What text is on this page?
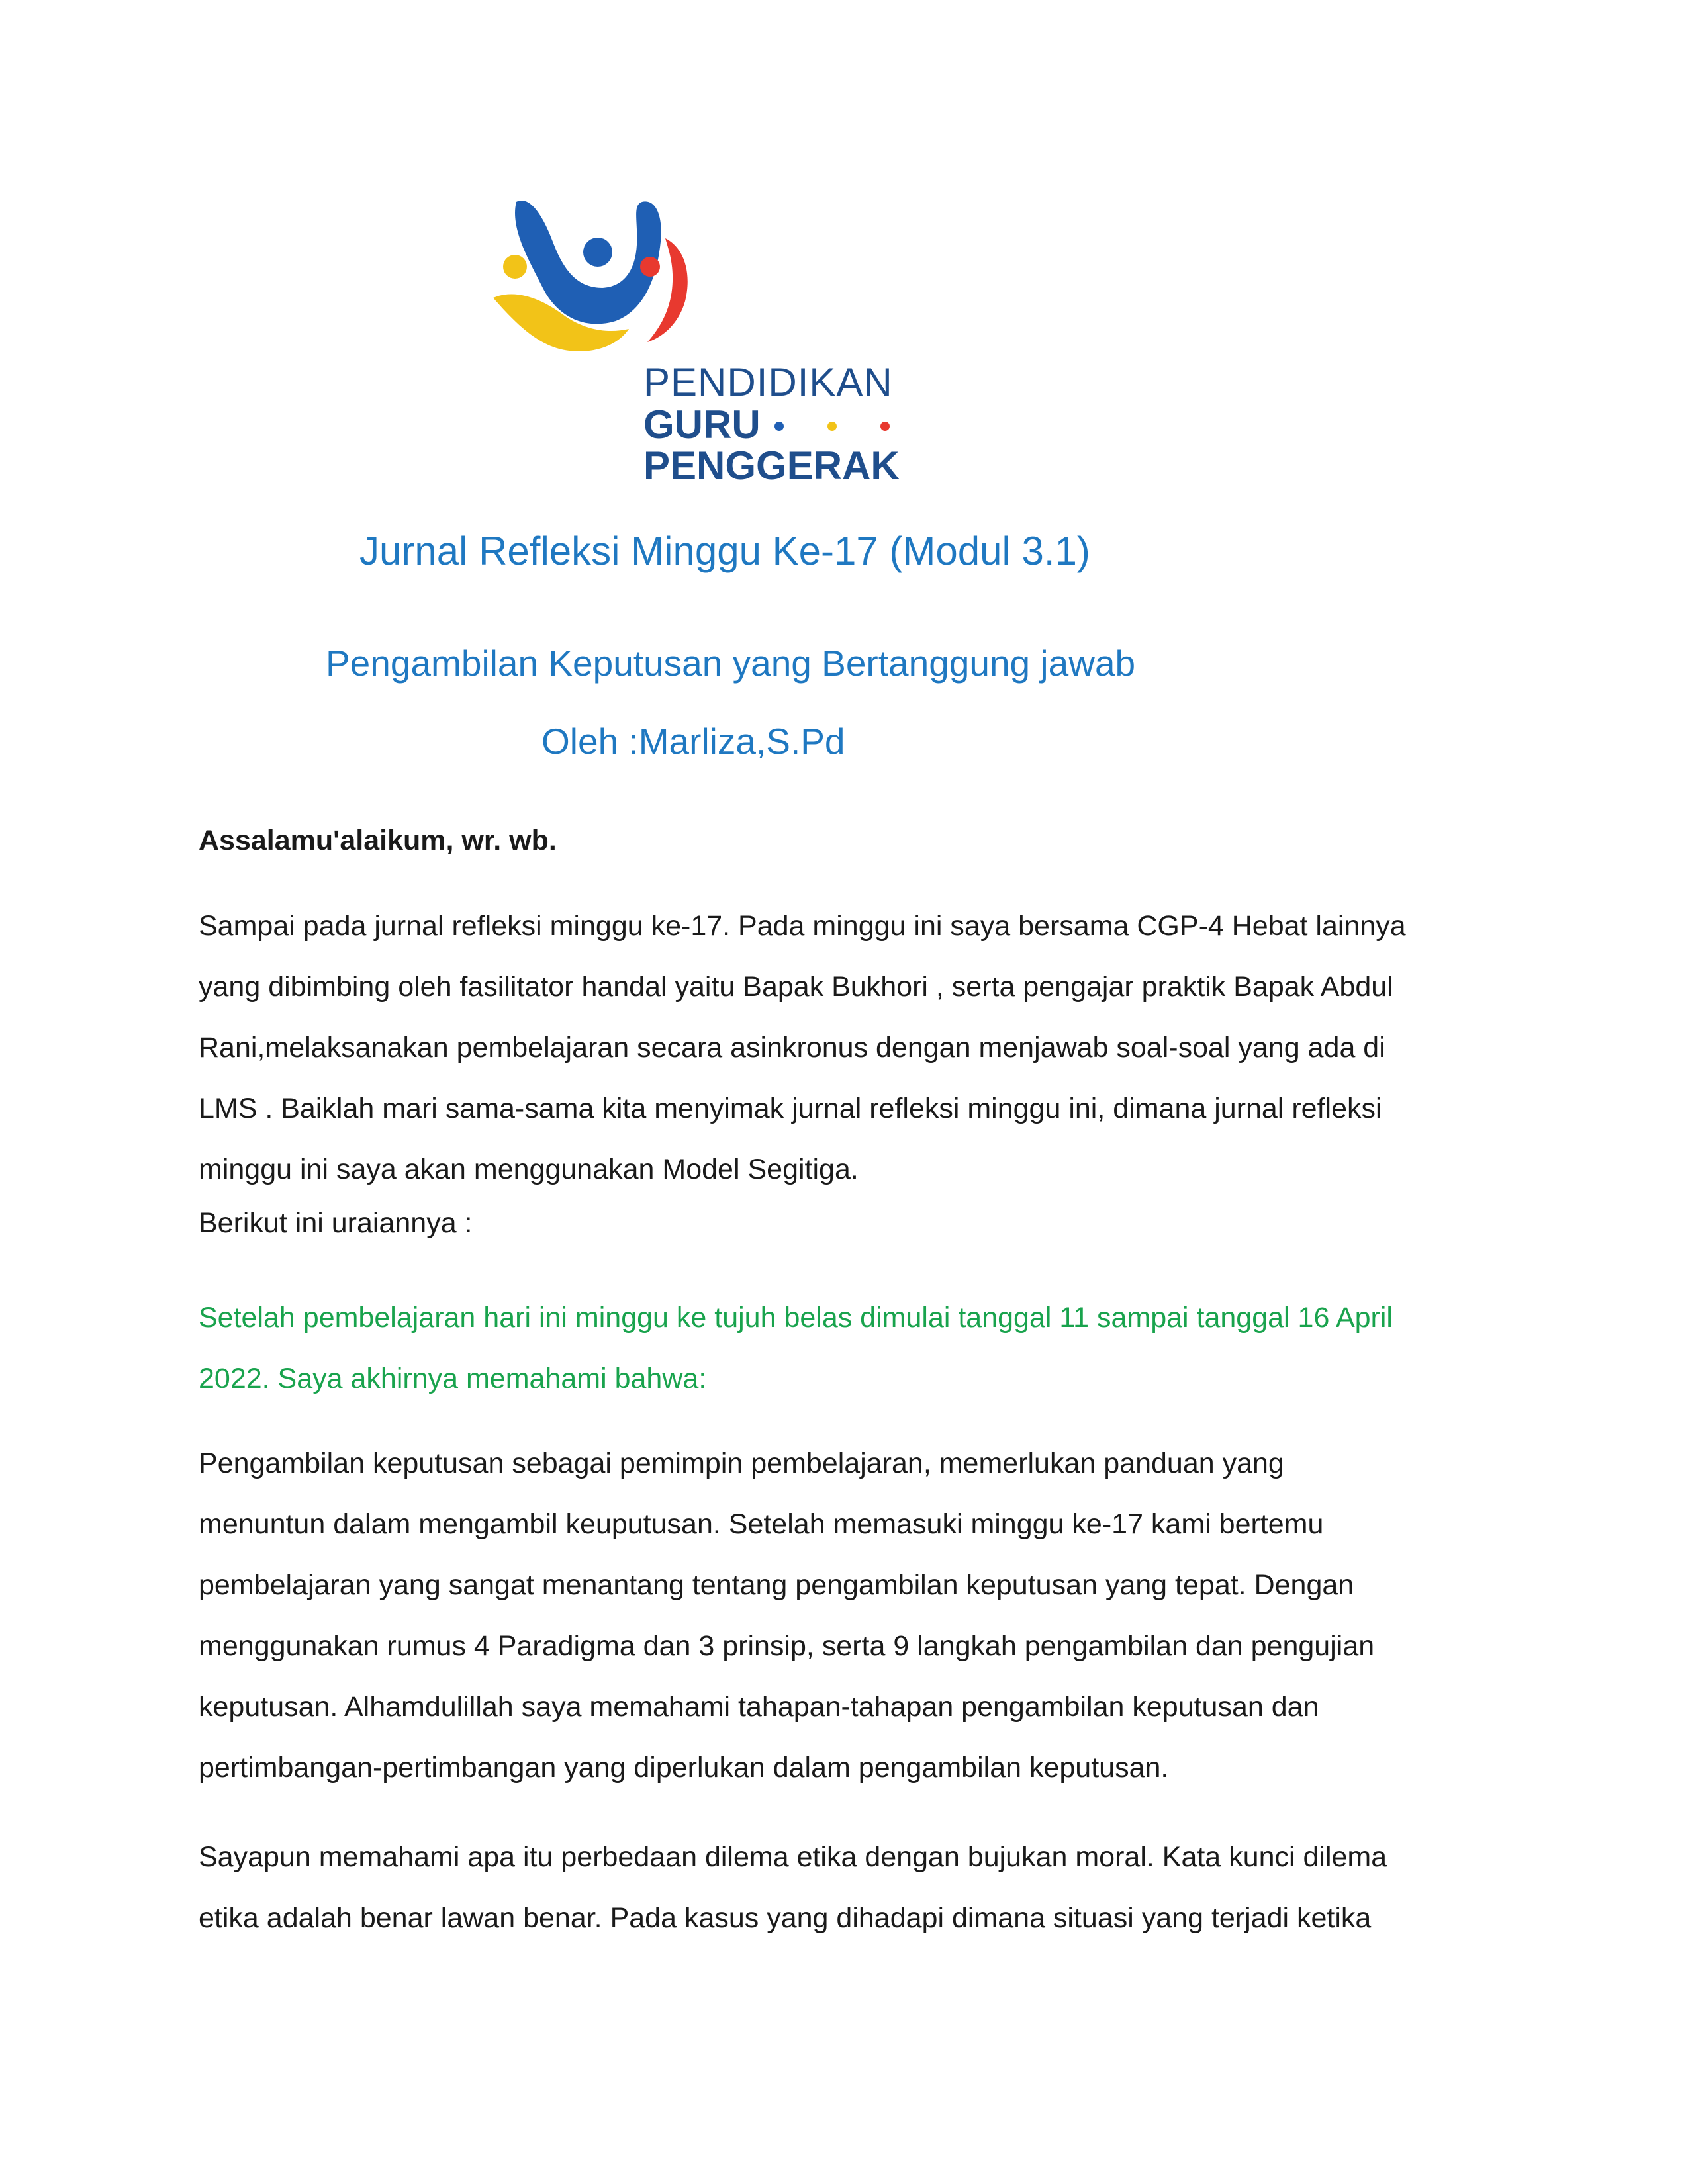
PENDIDIKAN
GURU
PENGGERAK
Jurnal Refleksi Minggu Ke-17 (Modul 3.1)
Pengambilan Keputusan yang Bertanggung jawab
Oleh :Marliza,S.Pd
Assalamu'alaikum, wr. wb.
Sampai pada jurnal refleksi minggu ke-17. Pada minggu ini saya bersama CGP-4 Hebat lainnya
yang dibimbing oleh fasilitator handal yaitu Bapak Bukhori , serta pengajar praktik Bapak Abdul
Rani,melaksanakan pembelajaran secara asinkronus dengan menjawab soal-soal yang ada di
LMS . Baiklah mari sama-sama kita menyimak jurnal refleksi minggu ini, dimana jurnal refleksi
minggu ini saya akan menggunakan Model Segitiga.
Berikut ini uraiannya :
Setelah pembelajaran hari ini minggu ke tujuh belas dimulai tanggal 11 sampai tanggal 16 April
2022. Saya akhirnya memahami bahwa:
Pengambilan keputusan sebagai pemimpin pembelajaran, memerlukan panduan yang
menuntun dalam mengambil keuputusan. Setelah memasuki minggu ke-17 kami bertemu
pembelajaran yang sangat menantang tentang pengambilan keputusan yang tepat. Dengan
menggunakan rumus 4 Paradigma dan 3 prinsip, serta 9 langkah pengambilan dan pengujian
keputusan. Alhamdulillah saya memahami tahapan-tahapan pengambilan keputusan dan
pertimbangan-pertimbangan yang diperlukan dalam pengambilan keputusan.
Sayapun memahami apa itu perbedaan dilema etika dengan bujukan moral. Kata kunci dilema
etika adalah benar lawan benar. Pada kasus yang dihadapi dimana situasi yang terjadi ketika
